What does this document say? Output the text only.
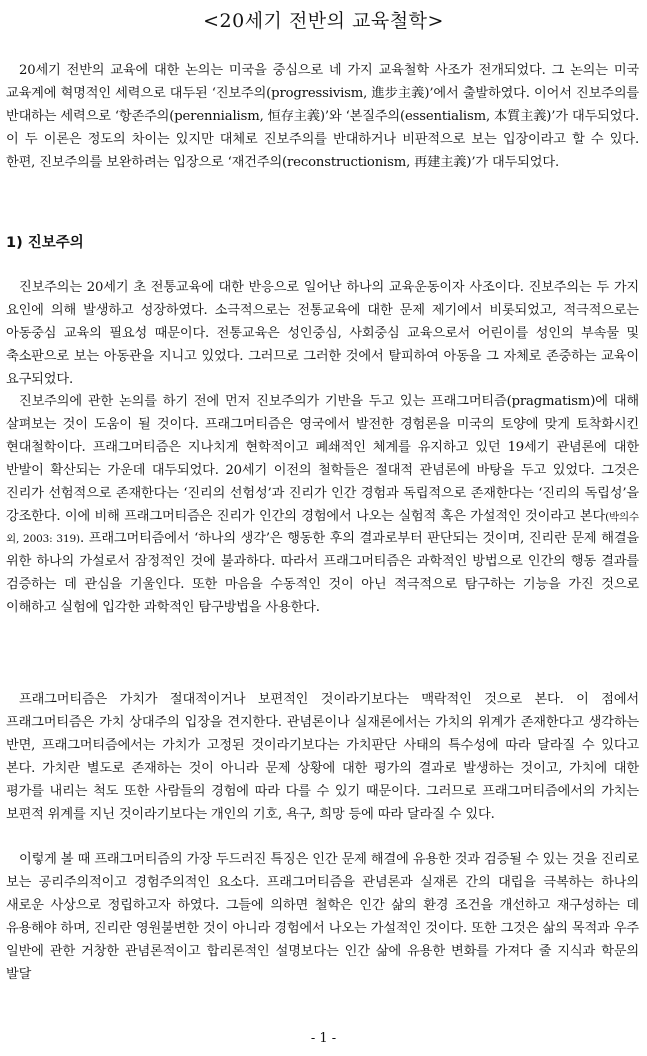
<20세기 전반의 교육철학>

20세기 전반의 교육에 대한 논의는 미국을 중심으로 네 가지 교육철학 사조가 전개되었다. 그 논의는 미국 교육계에 혁명적인 세력으로 대두된 ‘진보주의(progressivism, 進步主義)’에서 출발하였다. 이어서 진보주의를 반대하는 세력으로 ‘항존주의(perennialism, 恒存主義)’와 ‘본질주의(essentialism, 本質主義)’가 대두되었다. 이 두 이론은 정도의 차이는 있지만 대체로 진보주의를 반대하거나 비판적으로 보는 입장이라고 할 수 있다. 한편, 진보주의를 보완하려는 입장으로 ‘재건주의(reconstructionism, 再建主義)’가 대두되었다.

1) 진보주의

진보주의는 20세기 초 전통교육에 대한 반응으로 일어난 하나의 교육운동이자 사조이다. 진보주의는 두 가지 요인에 의해 발생하고 성장하였다. 소극적으로는 전통교육에 대한 문제 제기에서 비롯되었고, 적극적으로는 아동중심 교육의 필요성 때문이다. 전통교육은 성인중심, 사회중심 교육으로서 어린이를 성인의 부속물 및 축소판으로 보는 아동관을 지니고 있었다. 그러므로 그러한 것에서 탈피하여 아동을 그 자체로 존중하는 교육이 요구되었다.

진보주의에 관한 논의를 하기 전에 먼저 진보주의가 기반을 두고 있는 프래그머티즘(pragmatism)에 대해 살펴보는 것이 도움이 될 것이다. 프래그머티즘은 영국에서 발전한 경험론을 미국의 토양에 맞게 토착화시킨 현대철학이다. 프래그머티즘은 지나치게 현학적이고 폐쇄적인 체계를 유지하고 있던 19세기 관념론에 대한 반발이 확산되는 가운데 대두되었다. 20세기 이전의 철학들은 절대적 관념론에 바탕을 두고 있었다. 그것은 진리가 선험적으로 존재한다는 ‘진리의 선험성’과 진리가 인간 경험과 독립적으로 존재한다는 ‘진리의 독립성’을 강조한다. 이에 비해 프래그머티즘은 진리가 인간의 경험에서 나오는 실험적 혹은 가설적인 것이라고 본다(박의수 외, 2003: 319). 프래그머티즘에서 ‘하나의 생각’은 행동한 후의 결과로부터 판단되는 것이며, 진리란 문제 해결을 위한 하나의 가설로서 잠정적인 것에 불과하다. 따라서 프래그머티즘은 과학적인 방법으로 인간의 행동 결과를 검증하는 데 관심을 기울인다. 또한 마음을 수동적인 것이 아닌 적극적으로 탐구하는 기능을 가진 것으로 이해하고 실험에 입각한 과학적인 탐구방법을 사용한다.

프래그머티즘은 가치가 절대적이거나 보편적인 것이라기보다는 맥락적인 것으로 본다. 이 점에서 프래그머티즘은 가치 상대주의 입장을 견지한다. 관념론이나 실재론에서는 가치의 위계가 존재한다고 생각하는 반면, 프래그머티즘에서는 가치가 고정된 것이라기보다는 가치판단 사태의 특수성에 따라 달라질 수 있다고 본다. 가치란 별도로 존재하는 것이 아니라 문제 상황에 대한 평가의 결과로 발생하는 것이고, 가치에 대한 평가를 내리는 척도 또한 사람들의 경험에 따라 다를 수 있기 때문이다. 그러므로 프래그머티즘에서의 가치는 보편적 위계를 지닌 것이라기보다는 개인의 기호, 욕구, 희망 등에 따라 달라질 수 있다.

이렇게 볼 때 프래그머티즘의 가장 두드러진 특징은 인간 문제 해결에 유용한 것과 검증될 수 있는 것을 진리로 보는 공리주의적이고 경험주의적인 요소다. 프래그머티즘을 관념론과 실재론 간의 대립을 극복하는 하나의 새로운 사상으로 정립하고자 하였다. 그들에 의하면 철학은 인간 삶의 환경 조건을 개선하고 재구성하는 데 유용해야 하며, 진리란 영원불변한 것이 아니라 경험에서 나오는 가설적인 것이다. 또한 그것은 삶의 목적과 우주 일반에 관한 거창한 관념론적이고 합리론적인 설명보다는 인간 삶에 유용한 변화를 가져다 줄 지식과 학문의 발달

- 1 -
